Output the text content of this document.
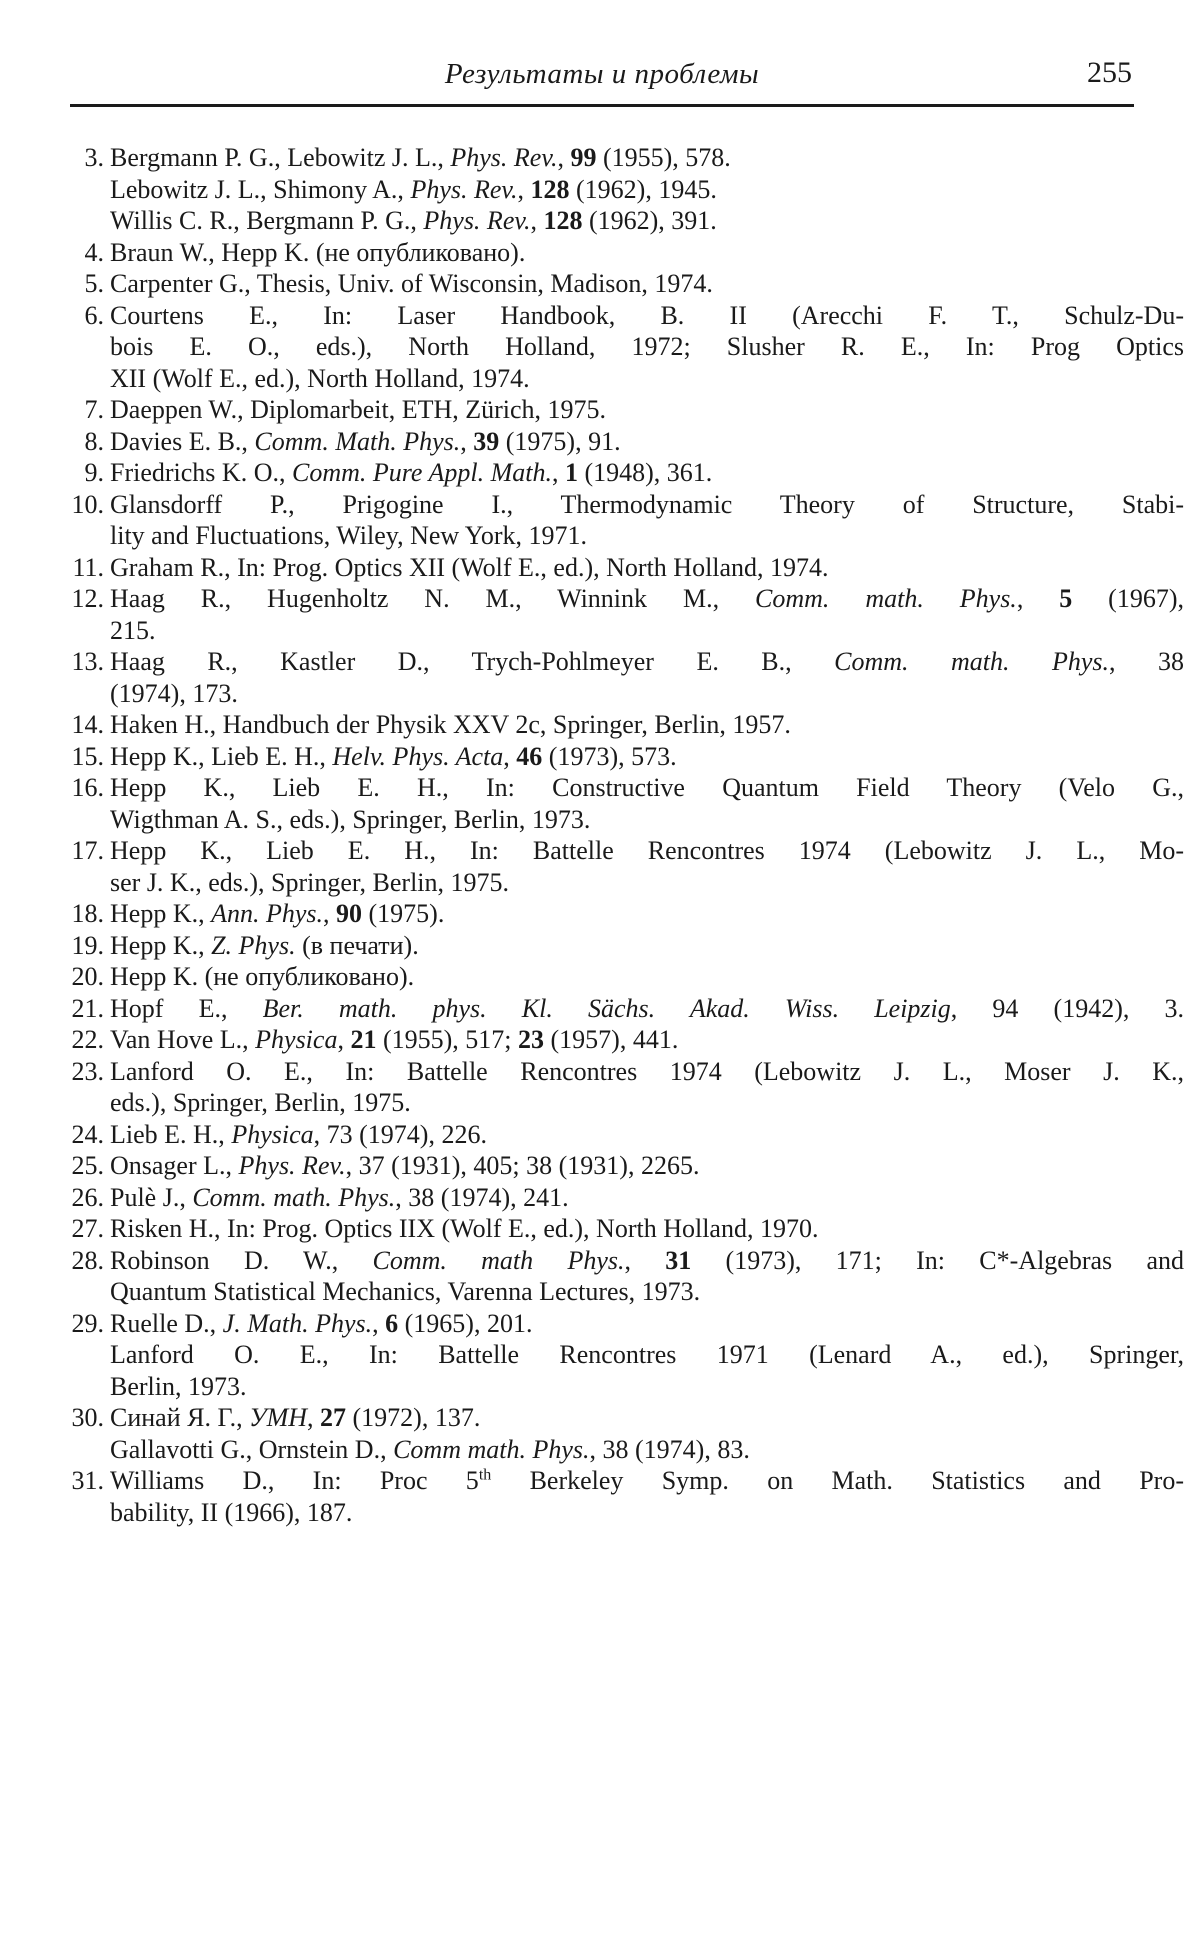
Результаты и проблемы	255
3. Bergmann P. G., Lebowitz J. L., Phys. Rev., 99 (1955), 578.
Lebowitz J. L., Shimony A., Phys. Rev., 128 (1962), 1945.
Willis C. R., Bergmann P. G., Phys. Rev., 128 (1962), 391.
4. Braun W., Hepp K. (не опубликовано).
5. Carpenter G., Thesis, Univ. of Wisconsin, Madison, 1974.
6. Courtens E., In: Laser Handbook, B. II (Arecchi F. T., Schulz-Du-
bois E. O., eds.), North Holland, 1972; Slusher R. E., In: Prog Optics
XII (Wolf E., ed.), North Holland, 1974.
7. Daeppen W., Diplomarbeit, ETH, Zürich, 1975.
8. Davies E. B., Comm. Math. Phys., 39 (1975), 91.
9. Friedrichs K. O., Comm. Pure Appl. Math., 1 (1948), 361.
10. Glansdorff P., Prigogine I., Thermodynamic Theory of Structure, Stabi-
lity and Fluctuations, Wiley, New York, 1971.
11. Graham R., In: Prog. Optics XII (Wolf E., ed.), North Holland, 1974.
12. Haag R., Hugenholtz N. M., Winnink M., Comm. math. Phys., 5 (1967),
215.
13. Haag R., Kastler D., Trych-Pohlmeyer E. B., Comm. math. Phys., 38
(1974), 173.
14. Haken H., Handbuch der Physik XXV 2c, Springer, Berlin, 1957.
15. Hepp K., Lieb E. H., Helv. Phys. Acta, 46 (1973), 573.
16. Hepp K., Lieb E. H., In: Constructive Quantum Field Theory (Velo G.,
Wigthman A. S., eds.), Springer, Berlin, 1973.
17. Hepp K., Lieb E. H., In: Battelle Rencontres 1974 (Lebowitz J. L., Mo-
ser J. K., eds.), Springer, Berlin, 1975.
18. Hepp K., Ann. Phys., 90 (1975).
19. Hepp K., Z. Phys. (в печати).
20. Hepp K. (не опубликовано).
21. Hopf E., Ber. math. phys. Kl. Sächs. Akad. Wiss. Leipzig, 94 (1942), 3.
22. Van Hove L., Physica, 21 (1955), 517; 23 (1957), 441.
23. Lanford O. E., In: Battelle Rencontres 1974 (Lebowitz J. L., Moser J. K.,
eds.), Springer, Berlin, 1975.
24. Lieb E. H., Physica, 73 (1974), 226.
25. Onsager L., Phys. Rev., 37 (1931), 405; 38 (1931), 2265.
26. Pulè J., Comm. math. Phys., 38 (1974), 241.
27. Risken H., In: Prog. Optics IIX (Wolf E., ed.), North Holland, 1970.
28. Robinson D. W., Comm. math Phys., 31 (1973), 171; In: C*-Algebras and
Quantum Statistical Mechanics, Varenna Lectures, 1973.
29. Ruelle D., J. Math. Phys., 6 (1965), 201.
Lanford O. E., In: Battelle Rencontres 1971 (Lenard A., ed.), Springer,
Berlin, 1973.
30. Синай Я. Г., УМН, 27 (1972), 137.
Gallavotti G., Ornstein D., Comm math. Phys., 38 (1974), 83.
31. Williams D., In: Proc 5th Berkeley Symp. on Math. Statistics and Pro-
bability, II (1966), 187.
